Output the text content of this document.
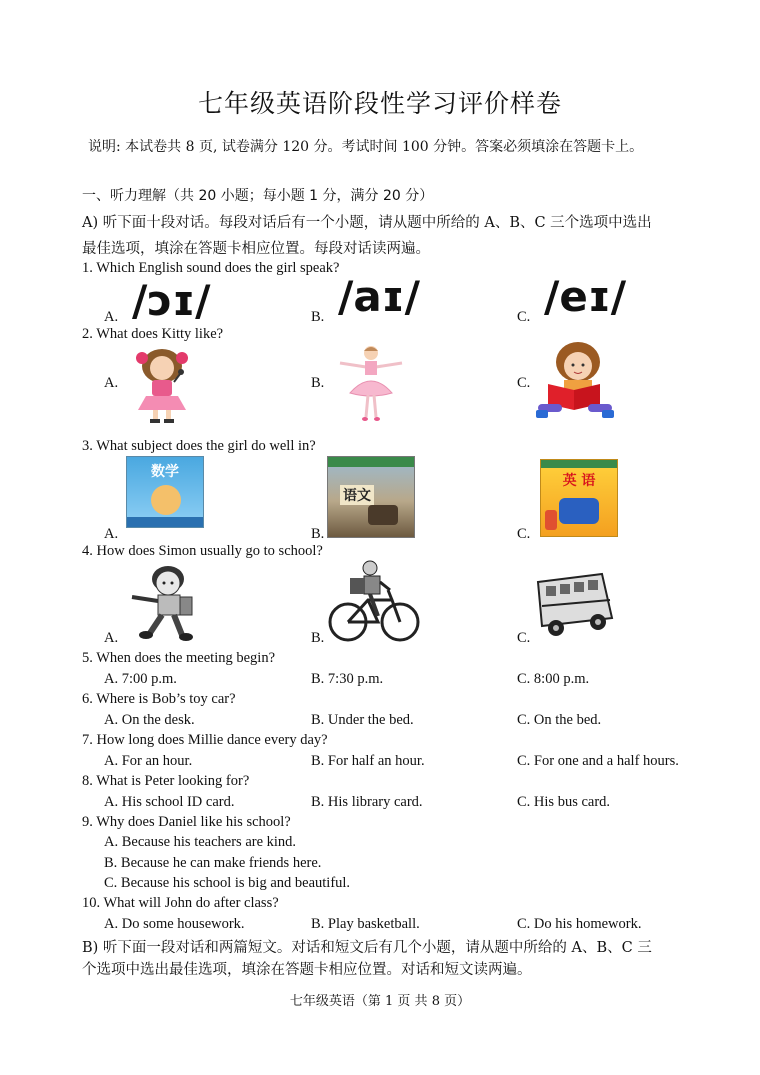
七年级英语阶段性学习评价样卷
说明: 本试卷共 8 页, 试卷满分 120 分。考试时间 100 分钟。答案必须填涂在答题卡上。
一、听力理解（共 20 小题；每小题 1 分，满分 20 分）
A) 听下面十段对话。每段对话后有一个小题，请从题中所给的 A、B、C 三个选项中选出
最佳选项，填涂在答题卡相应位置。每段对话读两遍。
1. Which English sound does the girl speak?
A. /ɔɪ/	B. /aɪ/	C. /eɪ/
2. What does Kitty like?
A.	B.	C.
3. What subject does the girl do well in?
A.	B.	C.
数学
语文
英 语
4. How does Simon usually go to school?
A.	B.	C.
5. When does the meeting begin?
A. 7:00 p.m.	B. 7:30 p.m.	C. 8:00 p.m.
6. Where is Bob’s toy car?
A. On the desk.	B. Under the bed.	C. On the bed.
7. How long does Millie dance every day?
A. For an hour.	B. For half an hour.	C. For one and a half hours.
8. What is Peter looking for?
A. His school ID card.	B. His library card.	C. His bus card.
9. Why does Daniel like his school?
A. Because his teachers are kind.
B. Because he can make friends here.
C. Because his school is big and beautiful.
10. What will John do after class?
A. Do some housework.	B. Play basketball.	C. Do his homework.
B) 听下面一段对话和两篇短文。对话和短文后有几个小题，请从题中所给的 A、B、C 三
个选项中选出最佳选项，填涂在答题卡相应位置。对话和短文读两遍。
七年级英语（第 1 页 共 8 页）
